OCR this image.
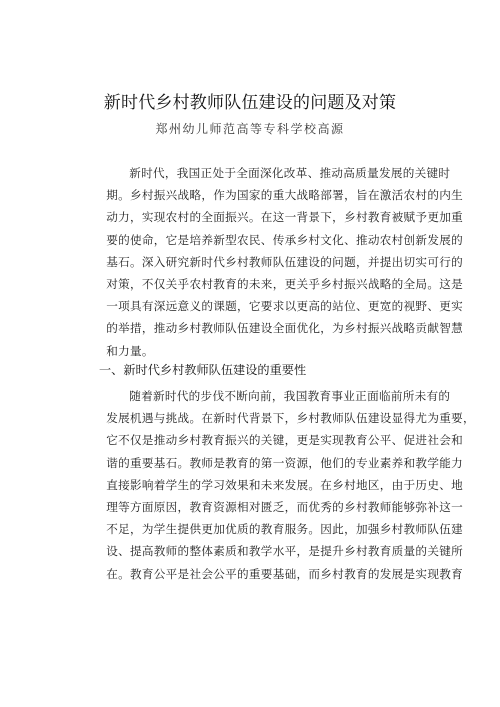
新时代乡村教师队伍建设的问题及对策
郑州幼儿师范高等专科学校高源
新时代，我国正处于全面深化改革、推动高质量发展的关键时
期。乡村振兴战略，作为国家的重大战略部署，旨在激活农村的内生
动力，实现农村的全面振兴。在这一背景下，乡村教育被赋予更加重
要的使命，它是培养新型农民、传承乡村文化、推动农村创新发展的
基石。深入研究新时代乡村教师队伍建设的问题，并提出切实可行的
对策，不仅关乎农村教育的未来，更关乎乡村振兴战略的全局。这是
一项具有深远意义的课题，它要求以更高的站位、更宽的视野、更实
的举措，推动乡村教师队伍建设全面优化，为乡村振兴战略贡献智慧
和力量。
一、新时代乡村教师队伍建设的重要性
随着新时代的步伐不断向前，我国教育事业正面临前所未有的
发展机遇与挑战。在新时代背景下，乡村教师队伍建设显得尤为重要，
它不仅是推动乡村教育振兴的关键，更是实现教育公平、促进社会和
谐的重要基石。教师是教育的第一资源，他们的专业素养和教学能力
直接影响着学生的学习效果和未来发展。在乡村地区，由于历史、地
理等方面原因，教育资源相对匮乏，而优秀的乡村教师能够弥补这一
不足，为学生提供更加优质的教育服务。因此，加强乡村教师队伍建
设、提高教师的整体素质和教学水平，是提升乡村教育质量的关键所
在。教育公平是社会公平的重要基础，而乡村教育的发展是实现教育
